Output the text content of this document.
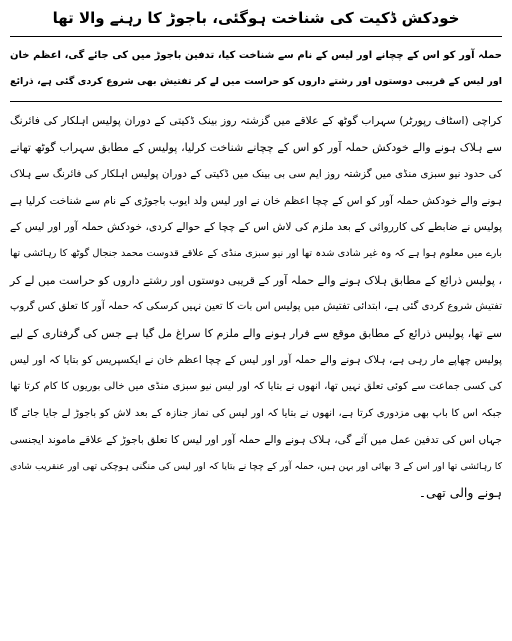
خودکش ڈکیت کی شناخت ہوگئی، باجوڑ کا رہنے والا تھا

حملہ آور کو اس کے چچانے اور لیس کے نام سے شناخت کیا، تدفین باجوڑ میں کی جائے گی، اعظم خان

اور لیس کے قریبی دوستوں اور رشتے داروں کو حراست میں لے کر تفتیش بھی شروع کردی گئی ہے، ذرائع

کراچی (اسٹاف رپورٹر) سہراب گوٹھ کے علاقے میں گزشتہ روز بینک ڈکیتی کے دوران پولیس اہلکار کی فائرنگ

سے ہلاک ہونے والے خودکش حملہ آور کو اس کے چچانے شناخت کرلیا، پولیس کے مطابق سہراب گوٹھ تھانے

کی حدود نیو سبزی منڈی میں گزشتہ روز ایم سی بی بینک میں ڈکیتی کے دوران پولیس اہلکار کی فائرنگ سے ہلاک

ہونے والے خودکش حملہ آور کو اس کے چچا اعظم خان نے اور لیس ولد ایوب باجوڑی کے نام سے شناخت کرلیا ہے

پولیس نے ضابطے کی کارروائی کے بعد ملزم کی لاش اس کے چچا کے حوالے کردی، خودکش حملہ آور اور لیس کے

بارے میں معلوم ہوا ہے کہ وہ غیر شادی شدہ تھا اور نیو سبزی منڈی کے علاقے قدوست محمد جنجال گوٹھ کا رہائشی تھا

، پولیس ذرائع کے مطابق ہلاک ہونے والے حملہ آور کے قریبی دوستوں اور رشتے داروں کو حراست میں لے کر

تفتیش شروع کردی گئی ہے، ابتدائی تفتیش میں پولیس اس بات کا تعین نہیں کرسکی کہ حملہ آور کا تعلق کس گروپ

سے تھا، پولیس ذرائع کے مطابق موقع سے فرار ہونے والے ملزم کا سراغ مل گیا ہے جس کی گرفتاری کے لیے

پولیس چھاپے مار رہی ہے، ہلاک ہونے والے حملہ آور اور لیس کے چچا اعظم خان نے ایکسپریس کو بتایا کہ اور لیس

کی کسی جماعت سے کوئی تعلق نہیں تھا، انھوں نے بتایا کہ اور لیس نیو سبزی منڈی میں خالی بوریوں کا کام کرتا تھا

جبکہ اس کا باپ بھی مزدوری کرتا ہے، انھوں نے بتایا کہ اور لیس کی نماز جنازہ کے بعد لاش کو باجوڑ لے جایا جائے گا

جہاں اس کی تدفین عمل میں آئے گی، ہلاک ہونے والے حملہ آور اور لیس کا تعلق باجوڑ کے علاقے ماموند ایجنسی

کا رہائشی تھا اور اس کے 3 بھائی اور بہن ہیں، حملہ آور کے چچا نے بتایا کہ اور لیس کی منگنی ہوچکی تھی اور عنقریب شادی

ہونے والی تھی۔
